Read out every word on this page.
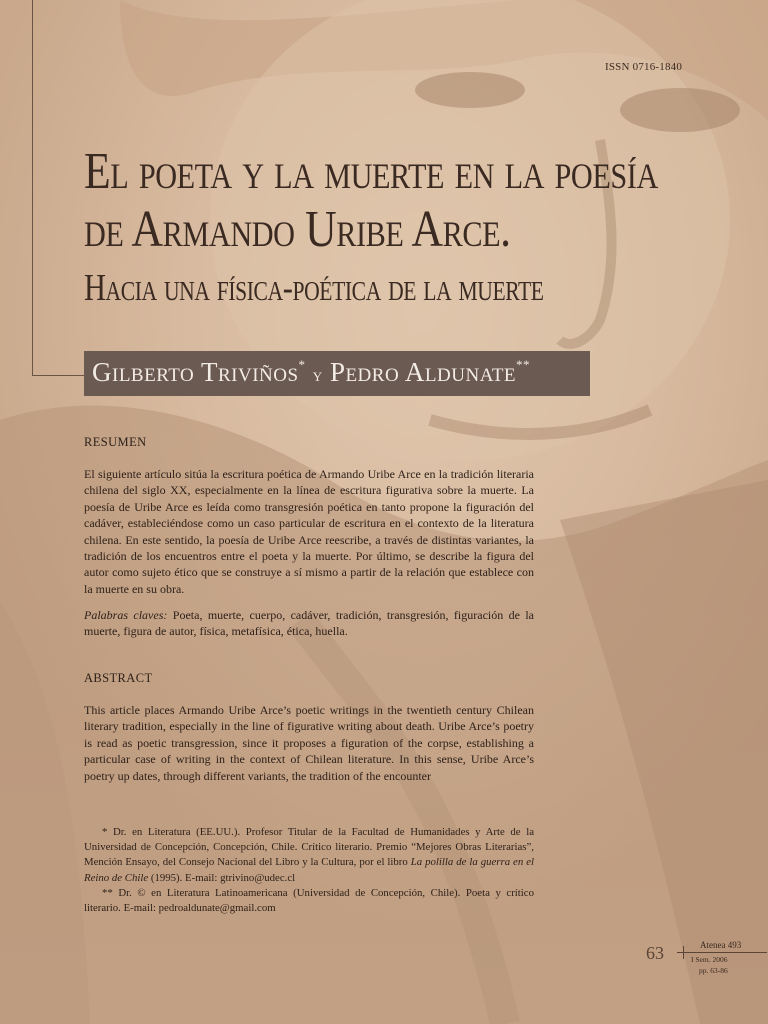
ISSN 0716-1840
El poeta y la muerte en la poesía
de Armando Uribe Arce.
Hacia una física-poética de la muerte
Gilberto Triviños* y Pedro Aldunate**
RESUMEN

El siguiente artículo sitúa la escritura poética de Armando Uribe Arce en la tradición literaria chilena del siglo XX, especialmente en la línea de escritura figurativa sobre la muerte. La poesía de Uribe Arce es leída como transgresión poética en tanto propone la figuración del cadáver, estableciéndose como un caso particular de escritura en el contexto de la literatura chilena. En este sentido, la poesía de Uribe Arce reescribe, a través de distintas variantes, la tradición de los encuentros entre el poeta y la muerte. Por último, se describe la figura del autor como sujeto ético que se construye a sí mismo a partir de la relación que establece con la muerte en su obra.

Palabras claves: Poeta, muerte, cuerpo, cadáver, tradición, transgresión, figuración de la muerte, figura de autor, física, metafísica, ética, huella.

ABSTRACT

This article places Armando Uribe Arce’s poetic writings in the twentieth century Chilean literary tradition, especially in the line of figurative writing about death. Uribe Arce’s poetry is read as poetic transgression, since it proposes a figuration of the corpse, establishing a particular case of writing in the context of Chilean literature. In this sense, Uribe Arce’s poetry up dates, through different variants, the tradition of the encounter

* Dr. en Literatura (EE.UU.). Profesor Titular de la Facultad de Humanidades y Arte de la Universidad de Concepción, Concepción, Chile. Crítico literario. Premio “Mejores Obras Literarias”, Mención Ensayo, del Consejo Nacional del Libro y la Cultura, por el libro La polilla de la guerra en el Reino de Chile (1995). E-mail: gtrivino@udec.cl

** Dr. © en Literatura Latinoamericana (Universidad de Concepción, Chile). Poeta y crítico literario. E-mail: pedroaldunate@gmail.com

63	Atenea 493
I Sem. 2006
pp. 63-86
